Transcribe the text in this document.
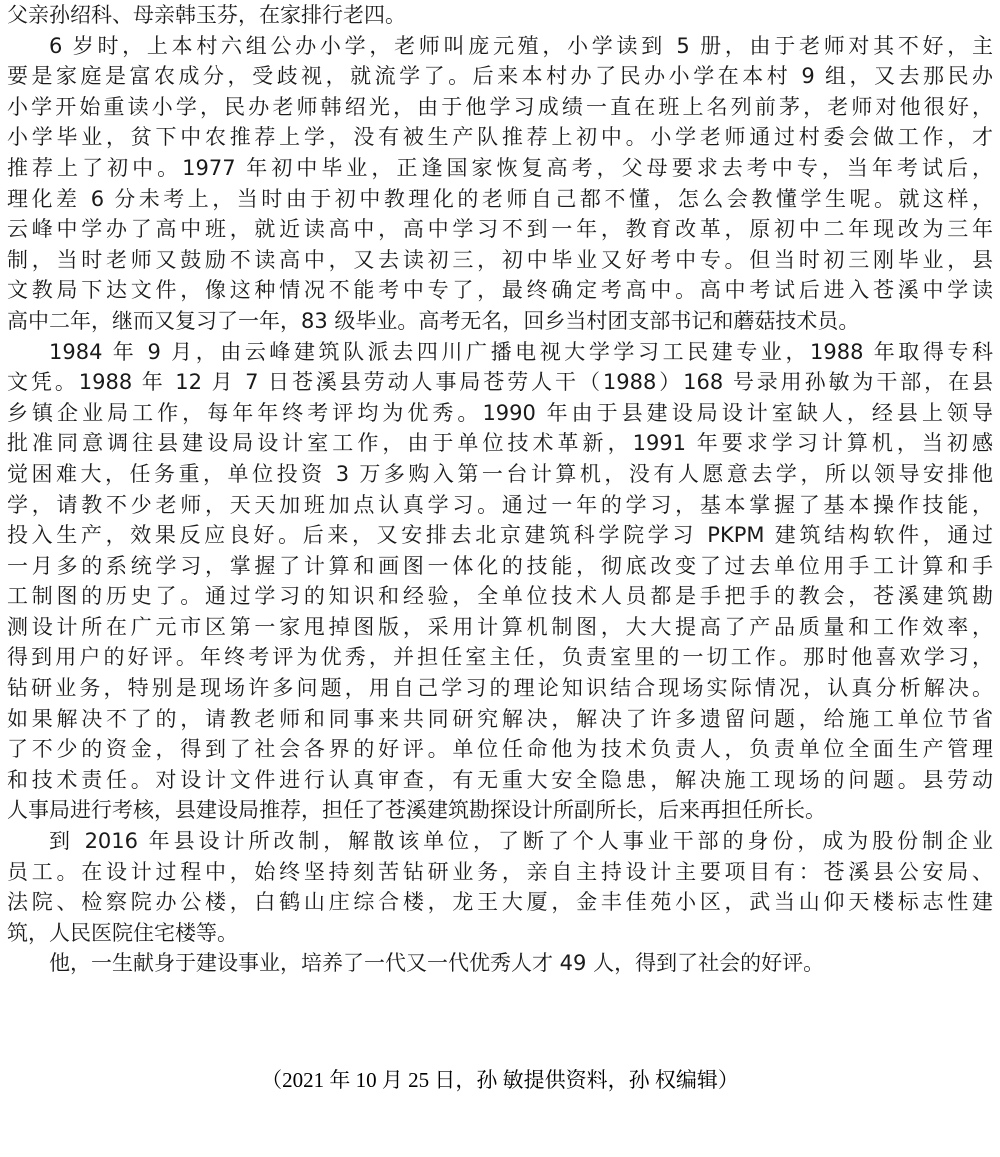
父亲孙绍科、母亲韩玉芬，在家排行老四。
6 岁时，上本村六组公办小学，老师叫庞元殖，小学读到 5 册，由于老师对其不好，主
要是家庭是富农成分，受歧视，就流学了。后来本村办了民办小学在本村 9 组，又去那民办
小学开始重读小学，民办老师韩绍光，由于他学习成绩一直在班上名列前茅，老师对他很好，
小学毕业，贫下中农推荐上学，没有被生产队推荐上初中。小学老师通过村委会做工作，才
推荐上了初中。1977 年初中毕业，正逢国家恢复高考，父母要求去考中专，当年考试后，
理化差 6 分未考上，当时由于初中教理化的老师自己都不懂，怎么会教懂学生呢。就这样，
云峰中学办了高中班，就近读高中，高中学习不到一年，教育改革，原初中二年现改为三年
制，当时老师又鼓励不读高中，又去读初三，初中毕业又好考中专。但当时初三刚毕业，县
文教局下达文件，像这种情况不能考中专了，最终确定考高中。高中考试后进入苍溪中学读
高中二年，继而又复习了一年，83 级毕业。高考无名，回乡当村团支部书记和蘑菇技术员。
1984 年 9 月，由云峰建筑队派去四川广播电视大学学习工民建专业，1988 年取得专科
文凭。1988 年 12 月 7 日苍溪县劳动人事局苍劳人干（1988）168 号录用孙敏为干部，在县
乡镇企业局工作，每年年终考评均为优秀。1990 年由于县建设局设计室缺人，经县上领导
批准同意调往县建设局设计室工作，由于单位技术革新，1991 年要求学习计算机，当初感
觉困难大，任务重，单位投资 3 万多购入第一台计算机，没有人愿意去学，所以领导安排他
学，请教不少老师，天天加班加点认真学习。通过一年的学习，基本掌握了基本操作技能，
投入生产，效果反应良好。后来，又安排去北京建筑科学院学习 PKPM 建筑结构软件，通过
一月多的系统学习，掌握了计算和画图一体化的技能，彻底改变了过去单位用手工计算和手
工制图的历史了。通过学习的知识和经验，全单位技术人员都是手把手的教会，苍溪建筑勘
测设计所在广元市区第一家甩掉图版，采用计算机制图，大大提高了产品质量和工作效率，
得到用户的好评。年终考评为优秀，并担任室主任，负责室里的一切工作。那时他喜欢学习，
钻研业务，特别是现场许多问题，用自己学习的理论知识结合现场实际情况，认真分析解决。
如果解决不了的，请教老师和同事来共同研究解决，解决了许多遗留问题，给施工单位节省
了不少的资金，得到了社会各界的好评。单位任命他为技术负责人，负责单位全面生产管理
和技术责任。对设计文件进行认真审查，有无重大安全隐患，解决施工现场的问题。县劳动
人事局进行考核，县建设局推荐，担任了苍溪建筑勘探设计所副所长，后来再担任所长。
到 2016 年县设计所改制，解散该单位，了断了个人事业干部的身份，成为股份制企业
员工。在设计过程中，始终坚持刻苦钻研业务，亲自主持设计主要项目有：苍溪县公安局、
法院、检察院办公楼，白鹤山庄综合楼，龙王大厦，金丰佳苑小区，武当山仰天楼标志性建
筑，人民医院住宅楼等。
他，一生献身于建设事业，培养了一代又一代优秀人才 49 人，得到了社会的好评。
（2021 年 10 月 25 日，孙 敏提供资料，孙 权编辑）
